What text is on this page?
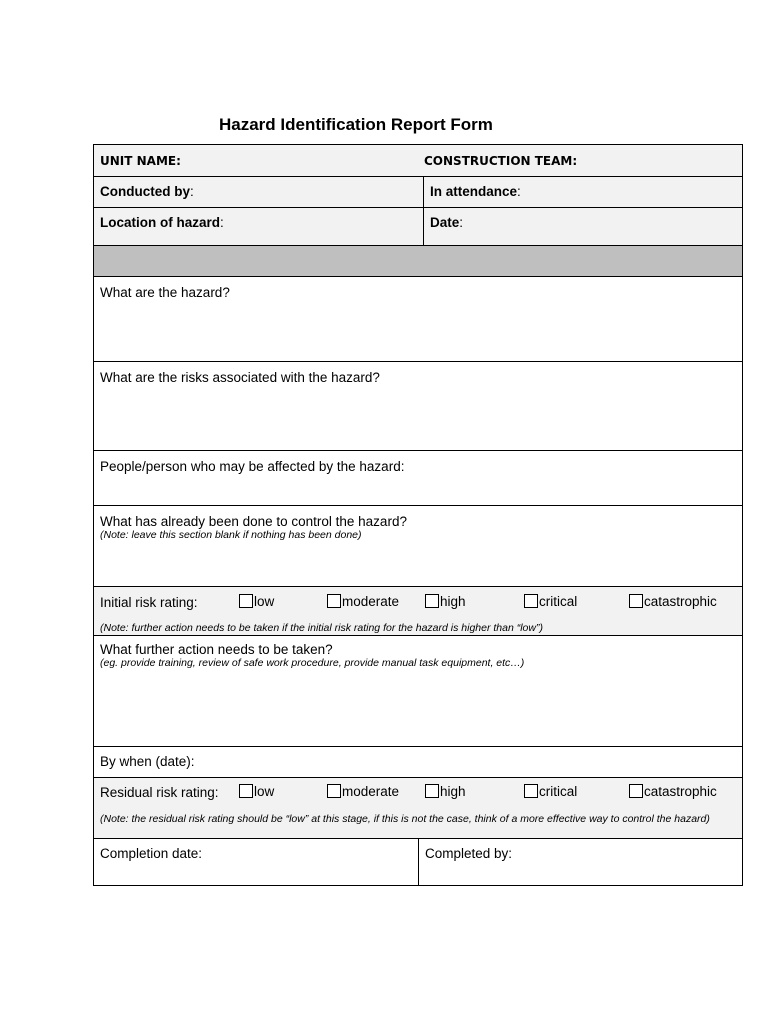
Hazard Identification Report Form
UNIT NAME:	CONSTRUCTION TEAM:
Conducted by:	In attendance:
Location of hazard:	Date:
What are the hazard?
What are the risks associated with the hazard?
People/person who may be affected by the hazard:
What has already been done to control the hazard?
(Note: leave this section blank if nothing has been done)
Initial risk rating:	low	moderate	high	critical	catastrophic
(Note: further action needs to be taken if the initial risk rating for the hazard is higher than “low”)
What further action needs to be taken?
(eg. provide training, review of safe work procedure, provide manual task equipment, etc…)
By when (date):
Residual risk rating:	low	moderate	high	critical	catastrophic
(Note: the residual risk rating should be “low” at this stage, if this is not the case, think of a more effective way to control the hazard)
Completion date:	Completed by:
